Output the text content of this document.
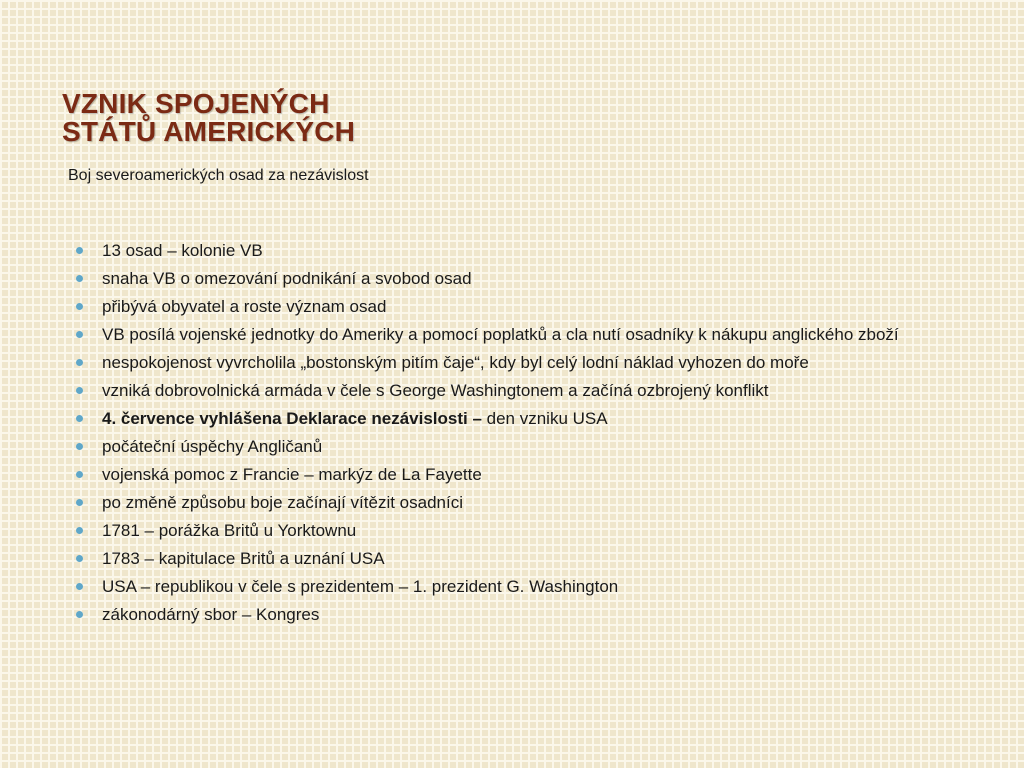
VZNIK SPOJENÝCH
STÁTŮ AMERICKÝCH

Boj severoamerických osad za nezávislost

13 osad – kolonie VB
snaha VB o omezování podnikání a svobod osad
přibývá obyvatel a roste význam osad
VB posílá vojenské jednotky do Ameriky a pomocí poplatků a cla nutí osadníky k nákupu anglického zboží
nespokojenost vyvrcholila „bostonským pitím čaje“, kdy byl celý lodní náklad vyhozen do moře
vzniká dobrovolnická armáda v čele s George Washingtonem a začíná ozbrojený konflikt
4. července vyhlášena Deklarace nezávislosti – den vzniku USA
počáteční úspěchy Angličanů
vojenská pomoc z Francie – markýz de La Fayette
po změně způsobu boje začínají vítězit osadníci
1781 – porážka Britů u Yorktownu
1783 – kapitulace Britů a uznání USA
USA – republikou v čele s prezidentem – 1. prezident G. Washington
zákonodárný sbor – Kongres
